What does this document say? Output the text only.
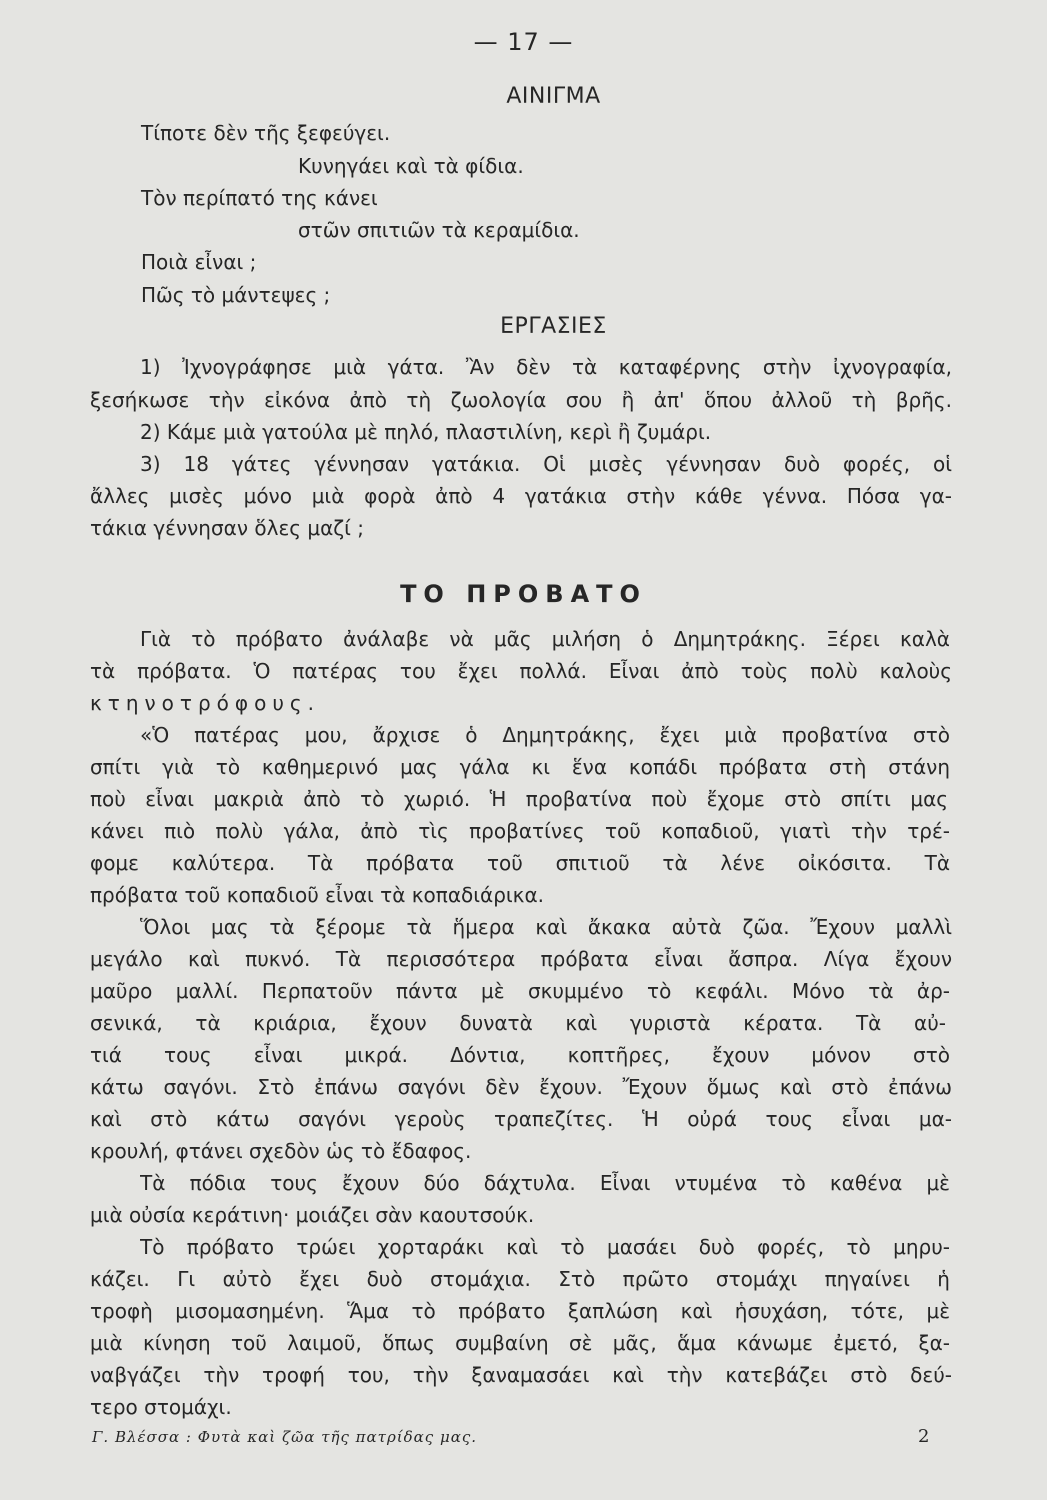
— 17 —
ΑΙΝΙΓΜΑ
Τίποτε δὲν τῆς ξεφεύγει.
Κυνηγάει καὶ τὰ φίδια.
Τὸν περίπατό της κάνει
στῶν σπιτιῶν τὰ κεραμίδια.
Ποιὰ εἶναι ;
Πῶς τὸ μάντεψες ;
ΕΡΓΑΣΙΕΣ
1) Ἰχνογράφησε μιὰ γάτα. Ἂν δὲν τὰ καταφέρνης στὴν ἰχνογραφία,
ξεσήκωσε τὴν εἰκόνα ἀπὸ τὴ ζωολογία σου ἢ ἀπ' ὅπου ἀλλοῦ τὴ βρῆς.
2) Κάμε μιὰ γατούλα μὲ πηλό, πλαστιλίνη, κερὶ ἢ ζυμάρι.
3) 18 γάτες γέννησαν γατάκια. Οἱ μισὲς γέννησαν δυὸ φορές, οἱ
ἄλλες μισὲς μόνο μιὰ φορὰ ἀπὸ 4 γατάκια στὴν κάθε γέννα. Πόσα γα-
τάκια γέννησαν ὅλες μαζί ;
ΤΟ ΠΡΟΒΑΤΟ
Γιὰ τὸ πρόβατο ἀνάλαβε νὰ μᾶς μιλήση ὁ Δημητράκης. Ξέρει καλὰ
τὰ πρόβατα. Ὁ πατέρας του ἔχει πολλά. Εἶναι ἀπὸ τοὺς πολὺ καλοὺς
κτηνοτρόφους.
«Ὁ πατέρας μου, ἄρχισε ὁ Δημητράκης, ἔχει μιὰ προβατίνα στὸ
σπίτι γιὰ τὸ καθημερινό μας γάλα κι ἕνα κοπάδι πρόβατα στὴ στάνη
ποὺ εἶναι μακριὰ ἀπὸ τὸ χωριό. Ἡ προβατίνα ποὺ ἔχομε στὸ σπίτι μας
κάνει πιὸ πολὺ γάλα, ἀπὸ τὶς προβατίνες τοῦ κοπαδιοῦ, γιατὶ τὴν τρέ-
φομε καλύτερα. Τὰ πρόβατα τοῦ σπιτιοῦ τὰ λένε οἰκόσιτα. Τὰ
πρόβατα τοῦ κοπαδιοῦ εἶναι τὰ κοπαδιάρικα.
Ὅλοι μας τὰ ξέρομε τὰ ἥμερα καὶ ἄκακα αὐτὰ ζῶα. Ἔχουν μαλλὶ
μεγάλο καὶ πυκνό. Τὰ περισσότερα πρόβατα εἶναι ἄσπρα. Λίγα ἔχουν
μαῦρο μαλλί. Περπατοῦν πάντα μὲ σκυμμένο τὸ κεφάλι. Μόνο τὰ ἀρ-
σενικά, τὰ κριάρια, ἔχουν δυνατὰ καὶ γυριστὰ κέρατα. Τὰ αὐ-
τιά τους εἶναι μικρά. Δόντια, κοπτῆρες, ἔχουν μόνον στὸ
κάτω σαγόνι. Στὸ ἐπάνω σαγόνι δὲν ἔχουν. Ἔχουν ὅμως καὶ στὸ ἐπάνω
καὶ στὸ κάτω σαγόνι γεροὺς τραπεζίτες. Ἡ οὐρά τους εἶναι μα-
κρουλή, φτάνει σχεδὸν ὡς τὸ ἔδαφος.
Τὰ πόδια τους ἔχουν δύο δάχτυλα. Εἶναι ντυμένα τὸ καθένα μὲ
μιὰ οὐσία κεράτινη· μοιάζει σὰν καουτσούκ.
Τὸ πρόβατο τρώει χορταράκι καὶ τὸ μασάει δυὸ φορές, τὸ μηρυ-
κάζει. Γι αὐτὸ ἔχει δυὸ στομάχια. Στὸ πρῶτο στομάχι πηγαίνει ἡ
τροφὴ μισομασημένη. Ἅμα τὸ πρόβατο ξαπλώση καὶ ἡσυχάση, τότε, μὲ
μιὰ κίνηση τοῦ λαιμοῦ, ὅπως συμβαίνη σὲ μᾶς, ἅμα κάνωμε ἐμετό, ξα-
ναβγάζει τὴν τροφή του, τὴν ξαναμασάει καὶ τὴν κατεβάζει στὸ δεύ-
τερο στομάχι.
Γ. Βλέσσα : Φυτὰ καὶ ζῶα τῆς πατρίδας μας.	2
